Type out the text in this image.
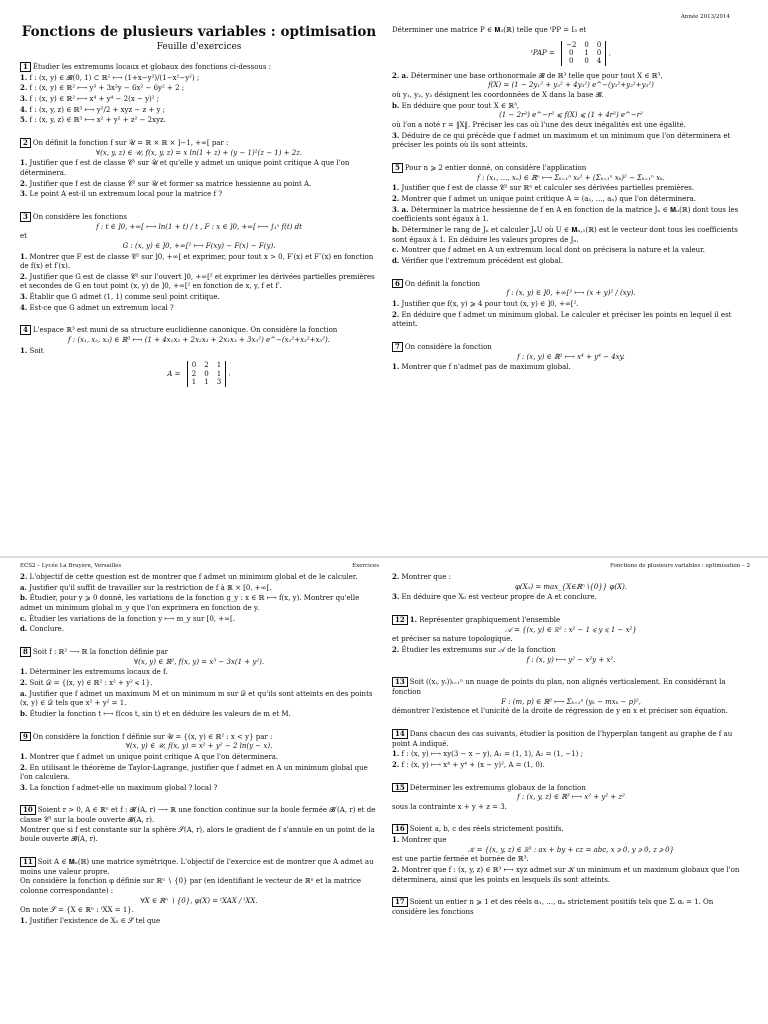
Année 2013/2014
Fonctions de plusieurs variables : optimisation
Feuille d'exercices

1 Étudier les extremums locaux et globaux des fonctions ci-dessous :

1. f : (x, y) ∈ 𝓑(0, 1) ⊂ ℝ² ⟼ (1+x−y²)/(1−x²−y²) ;

2. f : (x, y) ∈ ℝ² ⟼ y³ + 3x²y − 6x² − 6y² + 2 ;

3. f : (x, y) ∈ ℝ² ⟼ x⁴ + y⁴ − 2(x − y)² ;

4. f : (x, y, z) ∈ ℝ³ ⟼ y²/2 + xyz − z + y ;

5. f : (x, y, z) ∈ ℝ³ ⟼ x² + y² + z² − 2xyz.

2 On définit la fonction f sur 𝒰 = ℝ × ℝ × ]−1, +∞[ par :

∀(x, y, z) ∈ 𝒰, f(x, y, z) = x ln(1 + z) + (y − 1)²(z − 1) + 2z.

1. Justifier que f est de classe 𝒞¹ sur 𝒰 et qu'elle y admet un unique point critique A que l'on déterminera.

2. Justifier que f est de classe 𝒞² sur 𝒰 et former sa matrice hessienne au point A.

3. Le point A est-il un extremum local pour la matrice f ?

3 On considère les fonctions

f : t ∈ ]0, +∞[ ⟼ ln(1 + t) / t , F : x ∈ ]0, +∞[ ⟼ ∫₁ˣ f(t) dt

et

G : (x, y) ∈ ]0, +∞[² ⟼ F(xy) − F(x) − F(y).

1. Montrer que F est de classe 𝒞² sur ]0, +∞[ et exprimer, pour tout x > 0, F′(x) et F″(x) en fonction de f(x) et f′(x).

2. Justifier que G est de classe 𝒞² sur l'ouvert ]0, +∞[² et exprimer les dérivées partielles premières et secondes de G en tout point (x, y) de ]0, +∞[² en fonction de x, y, f et f′.

3. Établir que G admet (1, 1) comme seul point critique.

4. Est-ce que G admet un extremum local ?

4 L'espace ℝ³ est muni de sa structure euclidienne canonique. On considère la fonction

f : (x₁, x₂, x₃) ∈ ℝ³ ⟼ (1 + 4x₁x₂ + 2x₂x₃ + 2x₁x₃ + 3x₃²) e^−(x₁²+x₂²+x₃²).

1. Soit

A = 0	2	1
2	0	1
1	1	3 .

Déterminer une matrice P ∈ 𝐌₃(ℝ) telle que ᵗPP = I₃ et

ᵗPAP = −2	0	0
0	1	0
0	0	4 .

2. a. Déterminer une base orthonormale 𝓑 de ℝ³ telle que pour tout X ∈ ℝ³,

f(X) = (1 − 2y₁² + y₂² + 4y₃²) e^−(y₁²+y₂²+y₃²)

où y₁, y₂, y₃ désignent les coordonnées de X dans la base 𝓑.

b. En déduire que pour tout X ∈ ℝ³,

(1 − 2r²) e^−r² ⩽ f(X) ⩽ (1 + 4r²) e^−r²

où l'on a noté r = ‖X‖. Préciser les cas où l'une des deux inégalités est une égalité.

3. Déduire de ce qui précède que f admet un maximum et un minimum que l'on déterminera et préciser les points où ils sont atteints.

5 Pour n ⩾ 2 entier donné, on considère l'application

f : (x₁, …, xₙ) ∈ ℝⁿ ⟼ Σₖ₌₁ⁿ xₖ² + (Σₖ₌₁ⁿ xₖ)² − Σₖ₌₁ⁿ xₖ.

1. Justifier que f est de classe 𝒞² sur ℝⁿ et calculer ses dérivées partielles premières.

2. Montrer que f admet un unique point critique A = (a₁, …, aₙ) que l'on déterminera.

3. a. Déterminer la matrice hessienne de f en A en fonction de la matrice Jₙ ∈ 𝐌ₙ(ℝ) dont tous les coefficients sont égaux à 1.

b. Déterminer le rang de Jₙ et calculer JₙU où U ∈ 𝐌ₙ,₁(ℝ) est le vecteur dont tous les coefficients sont égaux à 1. En déduire les valeurs propres de Jₙ.

c. Montrer que f admet en A un extremum local dont on précisera la nature et la valeur.

d. Vérifier que l'extremum précédent est global.

6 On définit la fonction

f : (x, y) ∈ ]0, +∞[² ⟼ (x + y)² / (xy).

1. Justifier que f(x, y) ⩾ 4 pour tout (x, y) ∈ ]0, +∞[².

2. En déduire que f admet un minimum global. Le calculer et préciser les points en lequel il est atteint.

7 On considère la fonction

f : (x, y) ∈ ℝ² ⟼ x⁴ + y⁴ − 4xy.

1. Montrer que f n'admet pas de maximum global.

ECS2 – Lycée La Bruyère, Versailles	Exercices	Fonctions de plusieurs variables : optimisation – 2

2. L'objectif de cette question est de montrer que f admet un minimum global et de le calculer.

a. Justifier qu'il suffit de travailler sur la restriction de f à ℝ × [0, +∞[.

b. Étudier, pour y ⩾ 0 donné, les variations de la fonction g_y : x ∈ ℝ ⟼ f(x, y). Montrer qu'elle admet un minimum global m_y que l'on exprimera en fonction de y.

c. Étudier les variations de la fonction y ⟼ m_y sur [0, +∞[.

d. Conclure.

8 Soit f : ℝ² ⟶ ℝ la fonction définie par

∀(x, y) ∈ ℝ², f(x, y) = x³ − 3x(1 + y²).

1. Déterminer les extremums locaux de f.

2. Soit 𝒟 = {(x, y) ∈ ℝ² : x² + y² ⩽ 1}.

a. Justifier que f admet un maximum M et un minimum m sur 𝒟 et qu'ils sont atteints en des points (x, y) ∈ 𝒟 tels que x² + y² = 1.

b. Étudier la fonction t ⟼ f(cos t, sin t) et en déduire les valeurs de m et M.

9 On considère la fonction f définie sur 𝒰 = {(x, y) ∈ ℝ² : x < y} par :

∀(x, y) ∈ 𝒰, f(x, y) = x² + y² − 2 ln(y − x).

1. Montrer que f admet un unique point critique A que l'on déterminera.

2. En utilisant le théorème de Taylor-Lagrange, justifier que f admet en A un minimum global que l'on calculera.

3. La fonction f admet-elle un maximum global ? local ?

10 Soient r > 0, A ∈ ℝⁿ et f : 𝓑′(A, r) ⟶ ℝ une fonction continue sur la boule fermée 𝓑′(A, r) et de classe 𝒞¹ sur la boule ouverte 𝓑(A, r).

Montrer que si f est constante sur la sphère 𝒮(A, r), alors le gradient de f s'annule en un point de la boule ouverte 𝓑(A, r).

11 Soit A ∈ 𝐌ₙ(ℝ) une matrice symétrique. L'objectif de l'exercice est de montrer que A admet au moins une valeur propre.

On considère la fonction φ définie sur ℝⁿ ∖ {0} par (en identifiant le vecteur de ℝⁿ et la matrice colonne correspondante) :

∀X ∈ ℝⁿ ∖ {0}, φ(X) = ᵗXAX / ᵗXX.

On note 𝒮 = {X ∈ ℝⁿ : ᵗXX = 1}.

1. Justifier l'existence de X₀ ∈ 𝒮 tel que

2. Montrer que :

φ(X₀) = max_{X∈ℝⁿ∖{0}} φ(X).

3. En déduire que X₀ est vecteur propre de A et conclure.

12 1. Représenter graphiquement l'ensemble

𝒜 = {(x, y) ∈ ℝ² : x² − 1 ⩽ y ⩽ 1 − x²}

et préciser sa nature topologique.

2. Étudier les extremums sur 𝒜 de la fonction

f : (x, y) ⟼ y² − x²y + x².

13 Soit ((xᵢ, yᵢ))ᵢ₌₁ⁿ un nuage de points du plan, non alignés verticalement. En considérant la fonction

F : (m, p) ∈ ℝ² ⟼ Σₖ₌₁ⁿ (yₖ − mxₖ − p)²,

démontrer l'existence et l'unicité de la droite de régression de y en x et préciser son équation.

14 Dans chacun des cas suivants, étudier la position de l'hyperplan tangent au graphe de f au point A indiqué.

1. f : (x, y) ⟼ xy(3 − x − y), A₁ = (1, 1), A₂ = (1, −1) ;

2. f : (x, y) ⟼ x⁴ + y⁴ + (x − y)², A = (1, 0).

15 Déterminer les extremums globaux de la fonction

f : (x, y, z) ∈ ℝ³ ⟼ x² + y² + z²

sous la contrainte x + y + z = 3.

16 Soient a, b, c des réels strictement positifs.

1. Montrer que

𝒦 = {(x, y, z) ∈ ℝ³ : ax + by + cz = abc, x ⩾ 0, y ⩾ 0, z ⩾ 0}

est une partie fermée et bornée de ℝ³.

2. Montrer que f : (x, y, z) ∈ ℝ³ ⟼ xyz admet sur 𝒦 un minimum et un maximum globaux que l'on déterminera, ainsi que les points en lesquels ils sont atteints.

17 Soient un entier n ⩾ 1 et des réels α₁, …, αₙ strictement positifs tels que Σᵢ αᵢ = 1. On considère les fonctions
